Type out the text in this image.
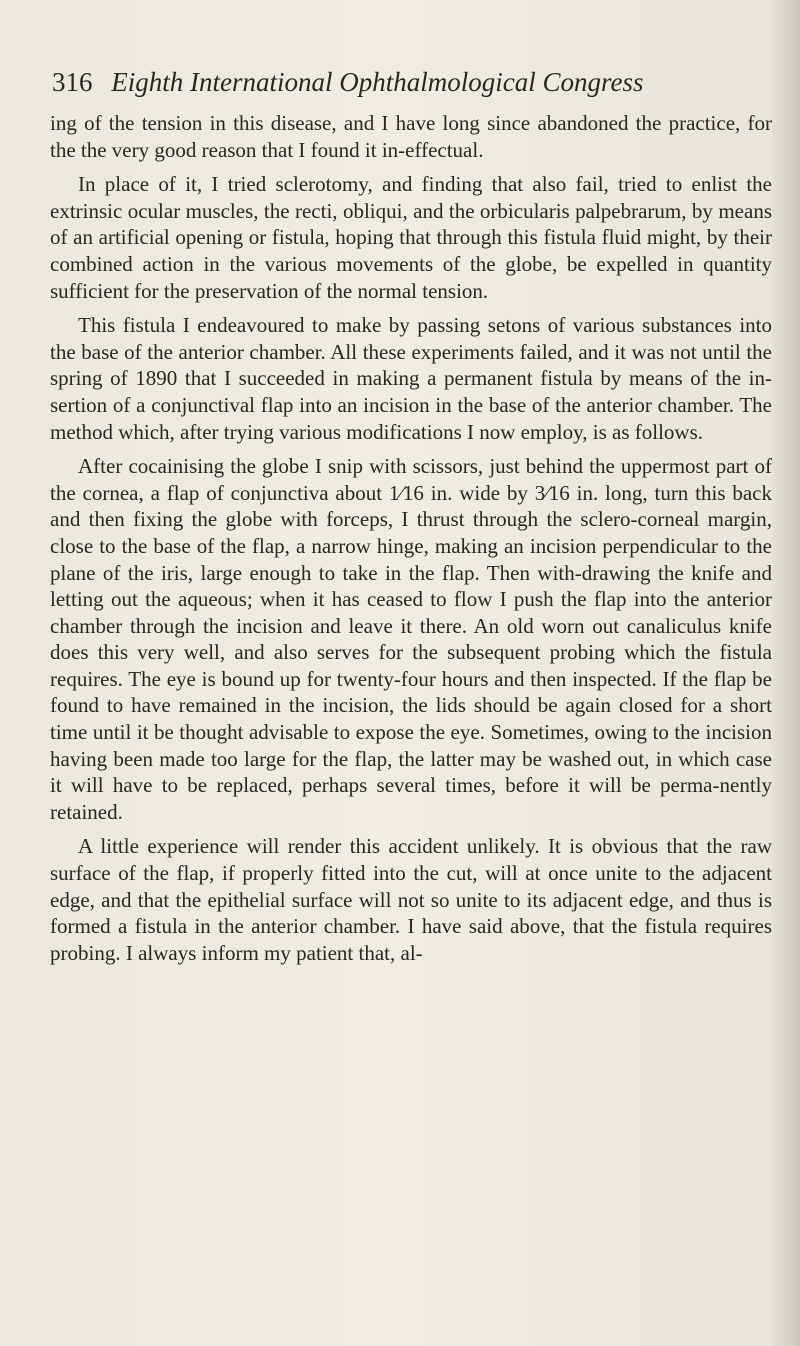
316 Eighth International Ophthalmological Congress

ing of the tension in this disease, and I have long since abandoned the practice, for the the very good reason that I found it in-effectual.

In place of it, I tried sclerotomy, and finding that also fail, tried to enlist the extrinsic ocular muscles, the recti, obliqui, and the orbicularis palpebrarum, by means of an artificial opening or fistula, hoping that through this fistula fluid might, by their combined action in the various movements of the globe, be expelled in quantity sufficient for the preservation of the normal tension.

This fistula I endeavoured to make by passing setons of various substances into the base of the anterior chamber. All these experiments failed, and it was not until the spring of 1890 that I succeeded in making a permanent fistula by means of the in-sertion of a conjunctival flap into an incision in the base of the anterior chamber. The method which, after trying various modifications I now employ, is as follows.

After cocainising the globe I snip with scissors, just behind the uppermost part of the cornea, a flap of conjunctiva about 1⁄16 in. wide by 3⁄16 in. long, turn this back and then fixing the globe with forceps, I thrust through the sclero-corneal margin, close to the base of the flap, a narrow hinge, making an incision perpendicular to the plane of the iris, large enough to take in the flap. Then with-drawing the knife and letting out the aqueous; when it has ceased to flow I push the flap into the anterior chamber through the incision and leave it there. An old worn out canaliculus knife does this very well, and also serves for the subsequent probing which the fistula requires. The eye is bound up for twenty-four hours and then inspected. If the flap be found to have remained in the incision, the lids should be again closed for a short time until it be thought advisable to expose the eye. Sometimes, owing to the incision having been made too large for the flap, the latter may be washed out, in which case it will have to be replaced, perhaps several times, before it will be perma-nently retained.

A little experience will render this accident unlikely. It is obvious that the raw surface of the flap, if properly fitted into the cut, will at once unite to the adjacent edge, and that the epithelial surface will not so unite to its adjacent edge, and thus is formed a fistula in the anterior chamber. I have said above, that the fistula requires probing. I always inform my patient that, al-
